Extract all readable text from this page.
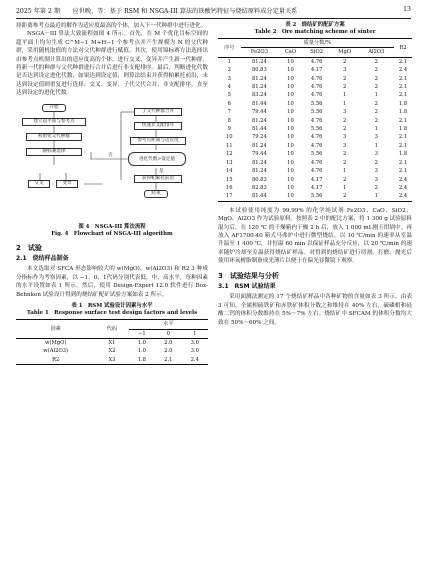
2025 年第 2 期　　应世晚，等：基于 RSM 和 NSGA-III 算法的铁酸钙特征与烧结原料成分定量关系	13

择距离参考点最近的解作为适应度最高的个体，加入下一代种群中进行进化。

NSGA－III 算法大致流程如图 4 所示。首先，在 M 个优化目标空间的超平面上均匀生成 C^M−1_M+H−1 个参考点并产生规模为 N 的父代种群，采用随机取值的方法对父代种群进行赋值。其次，使用锦标赛方法选择出由参考点机制计算出的适应度高的个体，进行交叉、变异并产生新一代种群，将新一代的种群与父代种群进行合并后进行非支配排序。最后，判断进化代数是否达到设定进化代数，如果达到设定值，则算法结束并获得帕累托前沿，未达到设定值则重复进行选择、交叉、变异、子代父代合并、非支配排序，直至达到设定的进化代数。

开始
建立超平面与参考点
初始化父代种群
锦标赛选择
交叉	变异
子父代种群合并
快速非支配排序
参考点距离与适应度
进化代数>设定值
否
是
获得帕累托前沿
结束
图 4　NSGA-III 算法流程
Fig. 4　Flowchart of NSGA-III algorithm
2　试验
2.1　烧结样品制备

本文选取对 SFCA 形态影响较大的 w(MgO)、w(Al2O3) 和 R2 3 种成分指标作为考察因素，以 −1、0、1代码分别代表低、中、高水平，每种因素的水平设置如表 1 所示。然后，使用 Design-Expert 12.0 软件进行 Box-Behnken 试验设计得到的烧结矿配矿试验方案如表 2 所示。

表 1　RSM 试验设计因素与水平
Table 1　Response surface test design factors and levels
因素	代码	水平		
		−1	0	1
w(MgO)	X1	1.0	2.0	3.0
w(Al2O3)	X2	1.0	2.0	3.0
R2	X3	1.8	2.1	2.4
表 2　烧结矿的配矿方案
Table 2　Ore matching scheme of sinter
序号	质量分数/%					R2
	Fe2O3	CaO	SiO2	MgO	Al2O3	
1	81.24	10	4.76	2	2	2.1
2	80.83	10	4.17	3	2	2.4
3	81.24	10	4.76	2	2	2.1
4	81.24	10	4.76	2	2	2.1
5	83.24	10	4.76	1	1	2.1
6	81.44	10	5.56	1	2	1.8
7	79.44	10	5.56	3	2	1.8
8	81.24	10	4.76	2	2	2.1
9	81.44	10	5.56	2	1	1.8
10	79.24	10	4.76	3	3	2.1
11	81.24	10	4.76	3	1	2.1
12	79.44	10	5.56	2	3	1.8
13	81.24	10	4.76	2	2	2.1
14	81.24	10	4.76	1	3	2.1
15	80.83	10	4.17	2	3	2.4
16	82.83	10	4.17	1	2	2.4
17	81.44	10	5.56	2	1	2.4

本试验使用纯度为 99.99% 的化学纯试剂 Fe2O3、CaO、SiO2、MgO、Al2O3 作为试验原料。按照表 2 中的配比方案，将 1 300 g 试验原料混匀后，在 120 ℃ 的干燥箱内干燥 2 h 后，放入 1 000 mL刚玉坩埚中。再放入 AF1700-40 箱式马弗炉中进行微型烧结，以 10 ℃/min 的速率从室温升温至 1 400 ℃，并恒温 60 min 以保证样品充分反应，以 20 ℃/min 的速率随炉冷却至室温获得烧结矿样品。对得到的烧结矿进行切割、打磨、抛光后使用环氧树脂制备成光薄片以便于在偏光显微镜下观察。

3　试验结果与分析
3.1　RSM 试验结果

采用面测法测定的 17 个烧结矿样品中各种矿物的含量如表 3 所示。由表 3 可知，全属相硫铁矿和赤铁矿体积分数之和维持在 40% 左右，硫磷相和硅酸二钙的体积分数维持在 5%～7% 左右。烧结矿中 SFCAM 的体积分数均大致在 50%～60% 之间。
